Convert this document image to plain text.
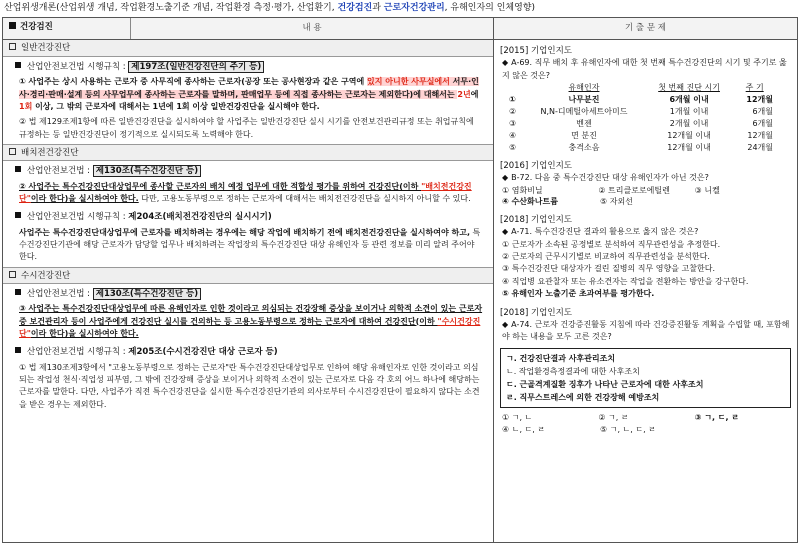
산업위생개론(산업위생 개념, 작업환경노출기준 개념, 작업환경 측정·평가, 산업환기, 건강검진과 근로자건강관리, 유해인자의 인체영향)
건강검진	내 용	기 출 문 제
일반건강진단
산업안전보건법 시행규칙 : 제197조(일반건강진단의 주기 등)
① 사업주는 상시 사용하는 근로자 중 사무직에 종사하는 근로자(공장 또는 공사현장과 같은 구역에 있지 아니한 사무실에서 서무·인사·경리·판매·설계 등의 사무업무에 종사하는 근로자를 말하며, 판매업무 등에 직접 종사하는 근로자는 제외한다)에 대해서는 2년에 1회 이상, 그 밖의 근로자에 대해서는 1년에 1회 이상 일반건강진단을 실시해야 한다.
② 법 제129조제1항에 따른 일반건강진단을 실시하여야 할 사업주는 일반건강진단 실시 시기를 안전보건관리규정 또는 취업규칙에 규정하는 등 일반건강진단이 정기적으로 실시되도록 노력해야 한다.
배치전건강진단
산업안전보건법 : 제130조(특수건강진단 등)
② 사업주는 특수건강진단대상업무에 종사할 근로자의 배치 예정 업무에 대한 적합성 평가를 위하여 건강진단(이하 "배치전건강진단"이라 한다)을 실시하여야 한다. 다만, 고용노동부령으로 정하는 근로자에 대해서는 배치전건강진단을 실시하지 아니할 수 있다.
산업안전보건법 시행규칙 : 제204조(배치전건강진단의 실시시기)
사업주는 특수건강진단대상업무에 근로자를 배치하려는 경우에는 해당 작업에 배치하기 전에 배치전건강진단을 실시하여야 하고, 특수건강진단기관에 해당 근로자가 담당할 업무나 배치하려는 작업장의 특수건강진단 대상 유해인자 등 관련 정보를 미리 알려 주어야 한다.
수시건강진단
산업안전보건법 : 제130조(특수건강진단 등)
③ 사업주는 특수건강진단대상업무에 따른 유해인자로 인한 것이라고 의심되는 건강장해 증상을 보이거나 의학적 소견이 있는 근로자 중 보건관리자 등이 사업주에게 건강진단 실시를 건의하는 등 고용노동부령으로 정하는 근로자에 대하여 건강진단(이하 "수시건강진단"이라 한다)을 실시하여야 한다.
산업안전보건법 시행규칙 : 제205조(수시건강진단 대상 근로자 등)
① 법 제130조제3항에서 "고용노동부령으로 정하는 근로자"란 특수건강진단대상업무로 인하여 해당 유해인자로 인한 것이라고 의심되는 작업성 천식·직업성 피부염, 그 밖에 건강장해 증상을 보이거나 의학적 소견이 있는 근로자로 다음 각 호의 어느 하나에 해당하는 근로자를 말한다. 다만, 사업주가 직전 특수건강진단을 실시한 특수건강진단기관의 의사로부터 수시건강진단이 필요하지 않다는 소견을 받은 경우는 제외한다.
[2015] 기업인지도
◆ A-69. 직무 배치 후 유해인자에 대한 첫 번째 특수건강진단의 시기 및 주기로 옳지 않은 것은?
	유해인자	첫 번째 진단 시기	주 기
①	나무분진	6개월 이내	12개월
②	N,N-디메틸아세트아미드	1개월 이내	6개월
③	벤젠	2개월 이내	6개월
④	면 분진	12개월 이내	12개월
⑤	충격소음	12개월 이내	24개월
[2016] 기업인지도
◆ B-72. 다음 중 특수건강진단 대상 유해인자가 아닌 것은?
① 염화비닐	② 트리클로로에틸렌	③ 니켈
④ 수산화나트륨	⑤ 자외선
[2018] 기업인지도
◆ A-71. 특수건강진단 결과의 활용으로 옳지 않은 것은?
① 근로자가 소속된 공정별로 분석하여 직무관련성을 추정한다.
② 근로자의 근무시기별로 비교하여 직무관련성을 분석한다.
③ 특수건강진단 대상자가 걸린 질병의 직무 영향을 고찰한다.
④ 직업병 요관찰자 또는 유소견자는 작업을 전환하는 방안을 강구한다.
⑤ 유해인자 노출기준 초과여부를 평가한다.
[2018] 기업인지도
◆ A-74. 근로자 건강증진활동 지침에 따라 건강증진활동 계획을 수립할 때, 포함해야 하는 내용을 모두 고른 것은?
ㄱ. 건강진단결과 사후관리조치
ㄴ. 작업환경측정결과에 대한 사후조치
ㄷ. 근골격계질환 징후가 나타난 근로자에 대한 사후조치
ㄹ. 직무스트레스에 의한 건강장해 예방조치
① ㄱ, ㄴ	② ㄱ, ㄹ	③ ㄱ, ㄷ, ㄹ
④ ㄴ, ㄷ, ㄹ	⑤ ㄱ, ㄴ, ㄷ, ㄹ
